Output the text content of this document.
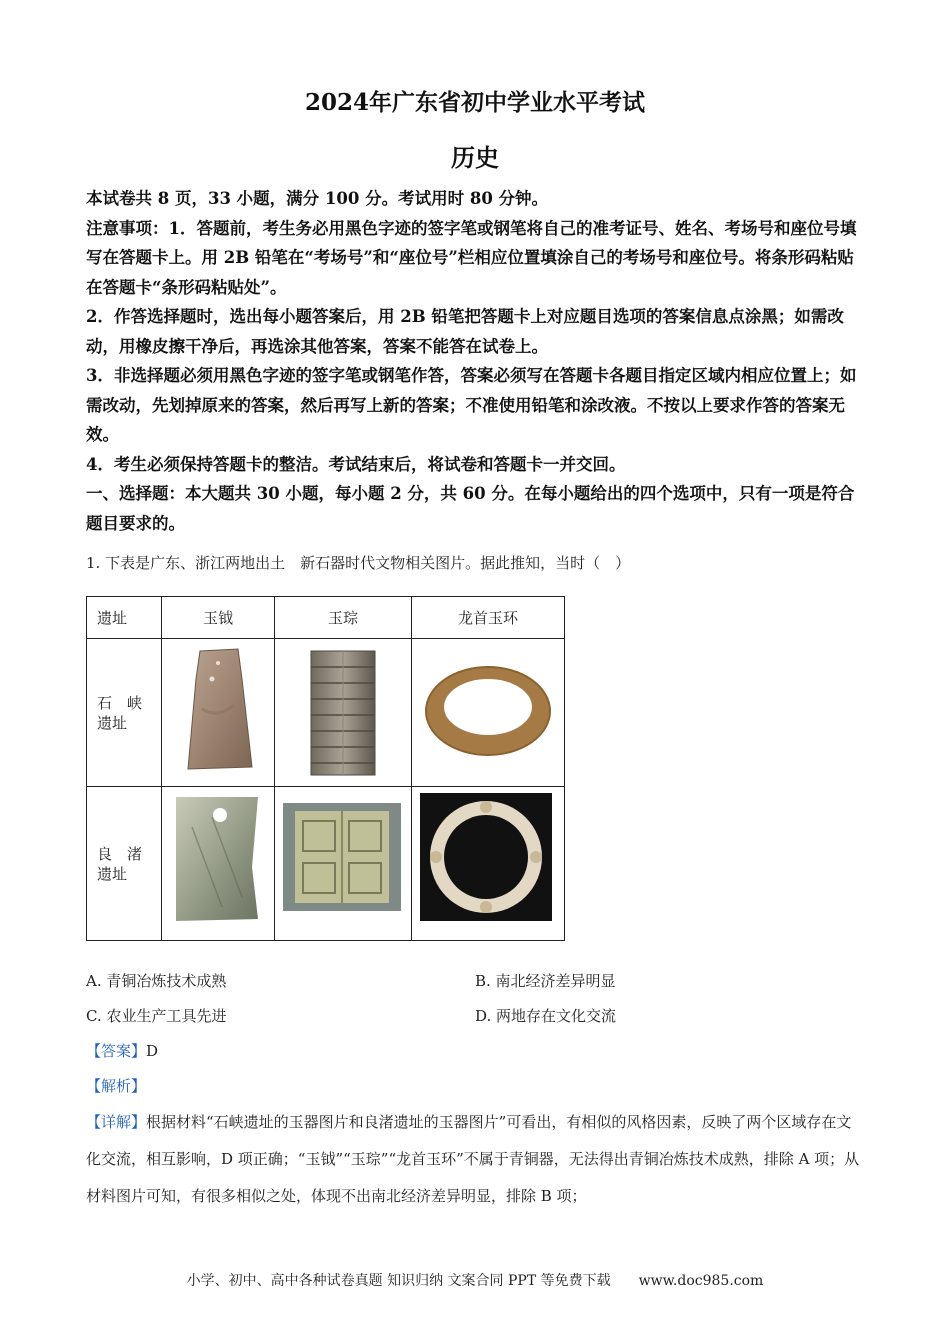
2024年广东省初中学业水平考试
历史

本试卷共 8 页，33 小题，满分 100 分。考试用时 80 分钟。

注意事项：1．答题前，考生务必用黑色字迹的签字笔或钢笔将自己的准考证号、姓名、考场号和座位号填写在答题卡上。用 2B 铅笔在“考场号”和“座位号”栏相应位置填涂自己的考场号和座位号。将条形码粘贴在答题卡“条形码粘贴处”。

2．作答选择题时，选出每小题答案后，用 2B 铅笔把答题卡上对应题目选项的答案信息点涂黑；如需改动，用橡皮擦干净后，再选涂其他答案，答案不能答在试卷上。

3．非选择题必须用黑色字迹的签字笔或钢笔作答，答案必须写在答题卡各题目指定区域内相应位置上；如需改动，先划掉原来的答案，然后再写上新的答案；不准使用铅笔和涂改液。不按以上要求作答的答案无效。

4．考生必须保持答题卡的整洁。考试结束后，将试卷和答题卡一并交回。

一、选择题：本大题共 30 小题，每小题 2 分，共 60 分。在每小题给出的四个选项中，只有一项是符合题目要求的。

1. 下表是广东、浙江两地出土　新石器时代文物相关图片。据此推知，当时（　）
遗址	玉钺	玉琮	龙首玉环

石　峡
遗址

良　渚
遗址

A. 青铜冶炼技术成熟	B. 南北经济差异明显
C. 农业生产工具先进	D. 两地存在文化交流
【答案】D
【解析】
【详解】根据材料“石峡遗址的玉器图片和良渚遗址的玉器图片”可看出，有相似的风格因素，反映了两个区域存在文化交流，相互影响，D 项正确；“玉钺”“玉琮”“龙首玉环”不属于青铜器，无法得出青铜冶炼技术成熟，排除 A 项；从材料图片可知，有很多相似之处，体现不出南北经济差异明显，排除 B 项；
小学、初中、高中各种试卷真题 知识归纳 文案合同 PPT 等免费下载　　www.doc985.com
